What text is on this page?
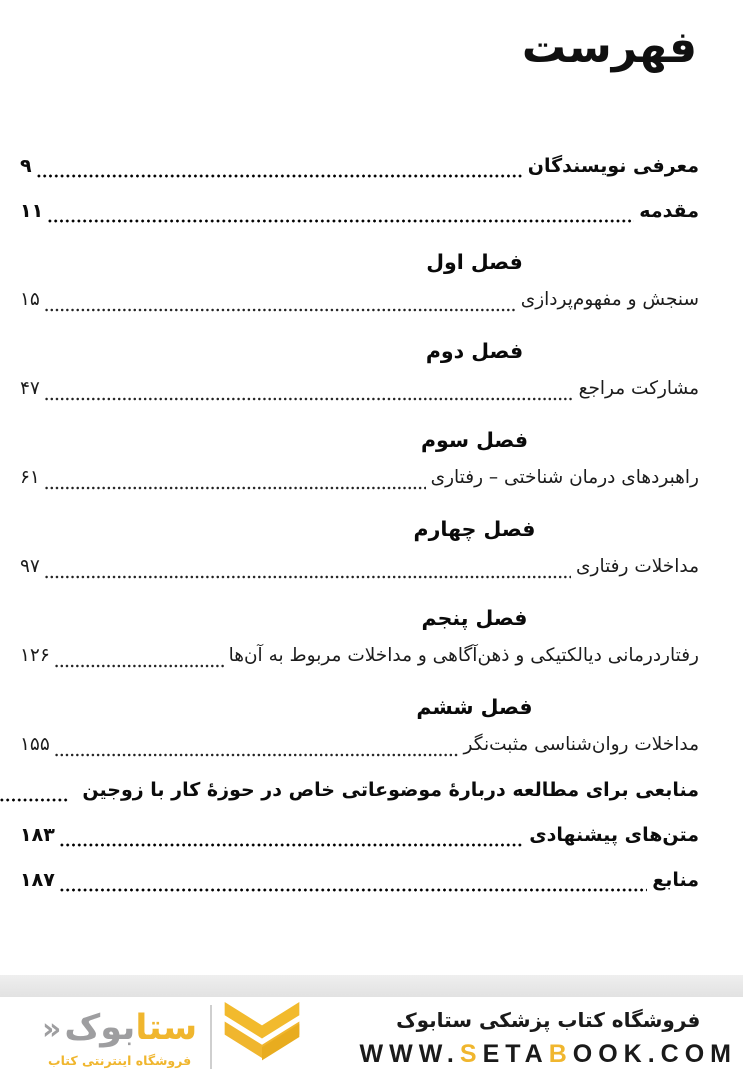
فهرست
معرفی نویسندگان
۹
مقدمه
۱۱
فصل اول
سنجش و مفهوم‌پردازی
۱۵
فصل دوم
مشارکت مراجع
۴۷
فصل سوم
راهبردهای درمان شناختی – رفتاری
۶۱
فصل چهارم
مداخلات رفتاری
۹۷
فصل پنجم
رفتاردرمانی دیالکتیکی و ذهن‌آگاهی و مداخلات مربوط به آن‌ها
۱۲۶
فصل ششم
مداخلات روان‌شناسی مثبت‌نگر
۱۵۵
منابعی برای مطالعه دربارهٔ موضوعاتی خاص در حوزهٔ کار با زوجین
متن‌های پیشنهادی
۱۸۳
منابع
۱۸۷
فروشگاه کتاب پزشکی ستابوک
WWW.SETABOOK.COM
ستابوک«
فروشگاه اینترنتی کتاب
